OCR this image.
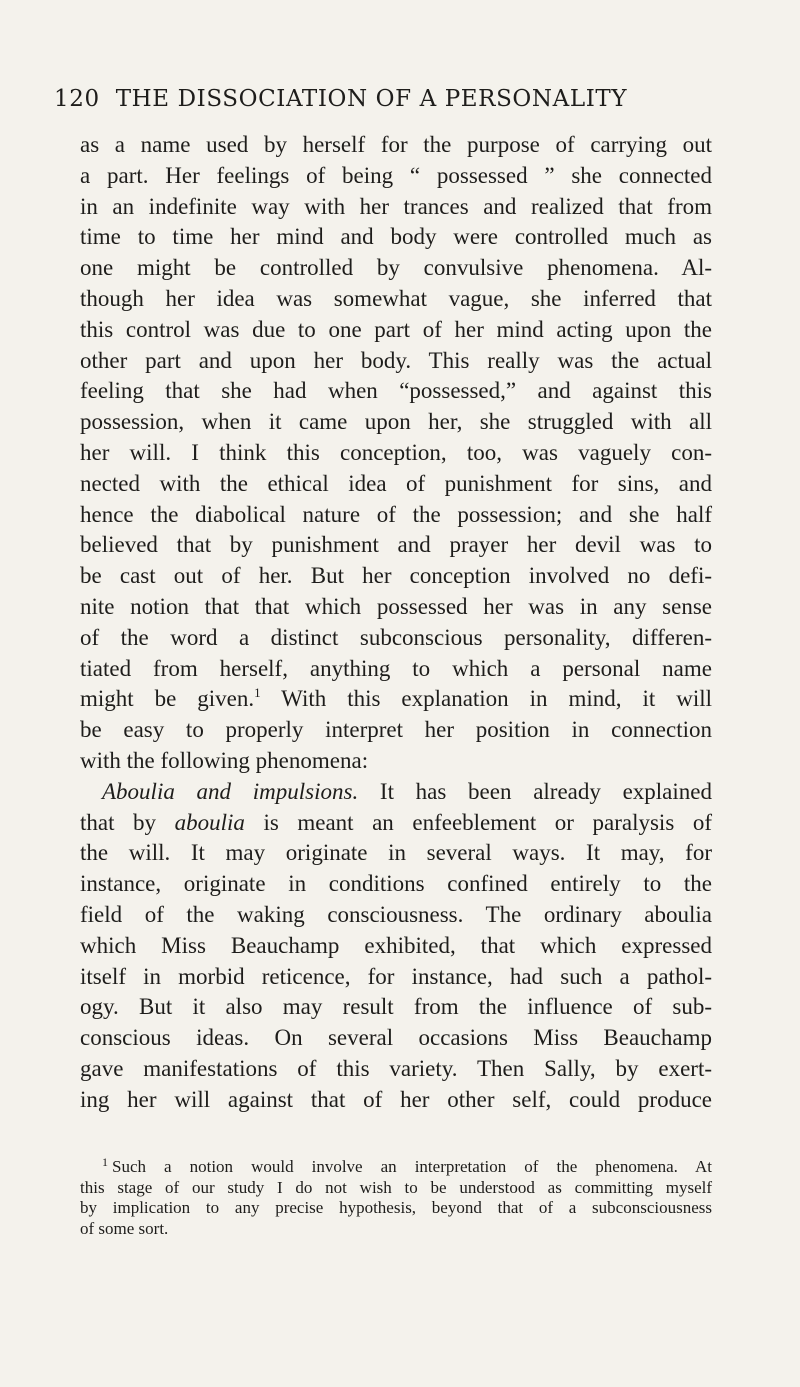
120 THE DISSOCIATION OF A PERSONALITY
as a name used by herself for the purpose of carrying out
a part. Her feelings of being “ possessed ” she connected
in an indefinite way with her trances and realized that from
time to time her mind and body were controlled much as
one might be controlled by convulsive phenomena. Al-
though her idea was somewhat vague, she inferred that
this control was due to one part of her mind acting upon the
other part and upon her body. This really was the actual
feeling that she had when “possessed,” and against this
possession, when it came upon her, she struggled with all
her will. I think this conception, too, was vaguely con-
nected with the ethical idea of punishment for sins, and
hence the diabolical nature of the possession; and she half
believed that by punishment and prayer her devil was to
be cast out of her. But her conception involved no defi-
nite notion that that which possessed her was in any sense
of the word a distinct subconscious personality, differen-
tiated from herself, anything to which a personal name
might be given.$^1$ With this explanation in mind, it will
be easy to properly interpret her position in connection
with the following phenomena:
Aboulia and impulsions. It has been already explained
that by aboulia is meant an enfeeblement or paralysis of
the will. It may originate in several ways. It may, for
instance, originate in conditions confined entirely to the
field of the waking consciousness. The ordinary aboulia
which Miss Beauchamp exhibited, that which expressed
itself in morbid reticence, for instance, had such a pathol-
ogy. But it also may result from the influence of sub-
conscious ideas. On several occasions Miss Beauchamp
gave manifestations of this variety. Then Sally, by exert-
ing her will against that of her other self, could produce
$^1$ Such a notion would involve an interpretation of the phenomena. At
this stage of our study I do not wish to be understood as committing myself
by implication to any precise hypothesis, beyond that of a subconsciousness
of some sort.
